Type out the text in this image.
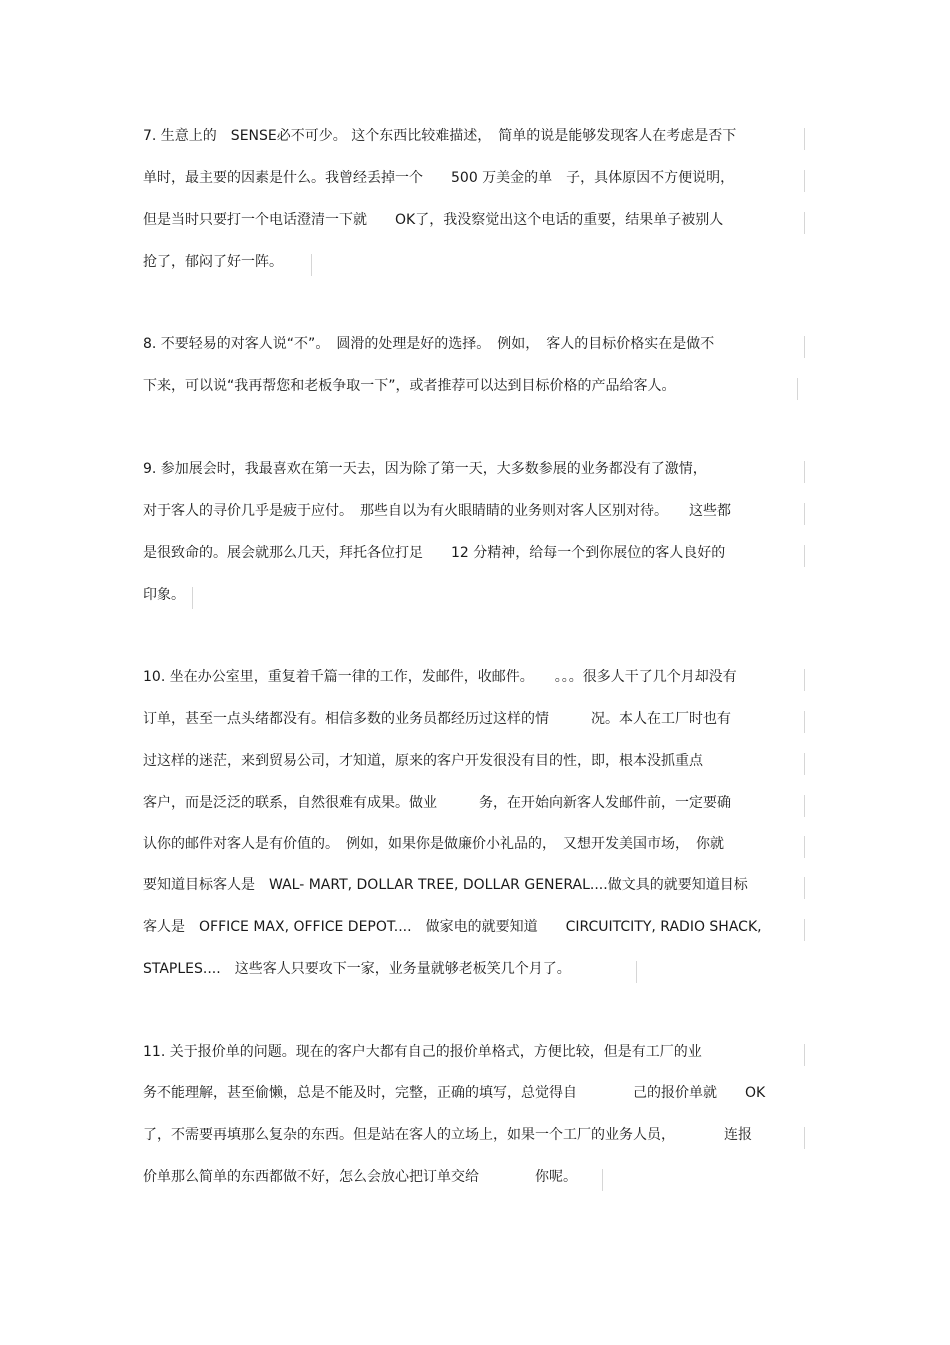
7. 生意上的　SENSE必不可少。 这个东西比较难描述，　简单的说是能够发现客人在考虑是否下
单时，最主要的因素是什么。我曾经丢掉一个　　500 万美金的单　子，具体原因不方便说明，
但是当时只要打一个电话澄清一下就　　OK了，我没察觉出这个电话的重要，结果单子被别人
抢了，郁闷了好一阵。
8. 不要轻易的对客人说“不”。　圆滑的处理是好的选择。　例如，　客人的目标价格实在是做不
下来，可以说“我再帮您和老板争取一下”，或者推荐可以达到目标价格的产品给客人。
9. 参加展会时，我最喜欢在第一天去，因为除了第一天，大多数参展的业务都没有了激情，
对于客人的寻价几乎是疲于应付。　那些自以为有火眼睛睛的业务则对客人区别对待。　　这些都
是很致命的。展会就那么几天，拜托各位打足　　12 分精神，给每一个到你展位的客人良好的
印象。
10. 坐在办公室里，重复着千篇一律的工作，发邮件，收邮件。　　。。。很多人干了几个月却没有
订单，甚至一点头绪都没有。相信多数的业务员都经历过这样的情　　　况。本人在工厂时也有
过这样的迷茫，来到贸易公司，才知道，原来的客户开发很没有目的性，即，根本没抓重点
客户，而是泛泛的联系，自然很难有成果。做业　　　务，在开始向新客人发邮件前，一定要确
认你的邮件对客人是有价值的。　例如，如果你是做廉价小礼品的，　又想开发美国市场，　你就
要知道目标客人是　WAL- MART, DOLLAR TREE, DOLLAR GENERAL....做文具的就要知道目标
客人是　OFFICE MAX, OFFICE DEPOT....　做家电的就要知道　　CIRCUITCITY, RADIO SHACK,
STAPLES....　这些客人只要攻下一家，业务量就够老板笑几个月了。
11. 关于报价单的问题。现在的客户大都有自己的报价单格式，方便比较，但是有工厂的业
务不能理解，甚至偷懒，总是不能及时，完整，正确的填写，总觉得自　　　　己的报价单就　　OK
了，不需要再填那么复杂的东西。但是站在客人的立场上，如果一个工厂的业务人员，　　　　连报
价单那么简单的东西都做不好，怎么会放心把订单交给　　　　你呢。
